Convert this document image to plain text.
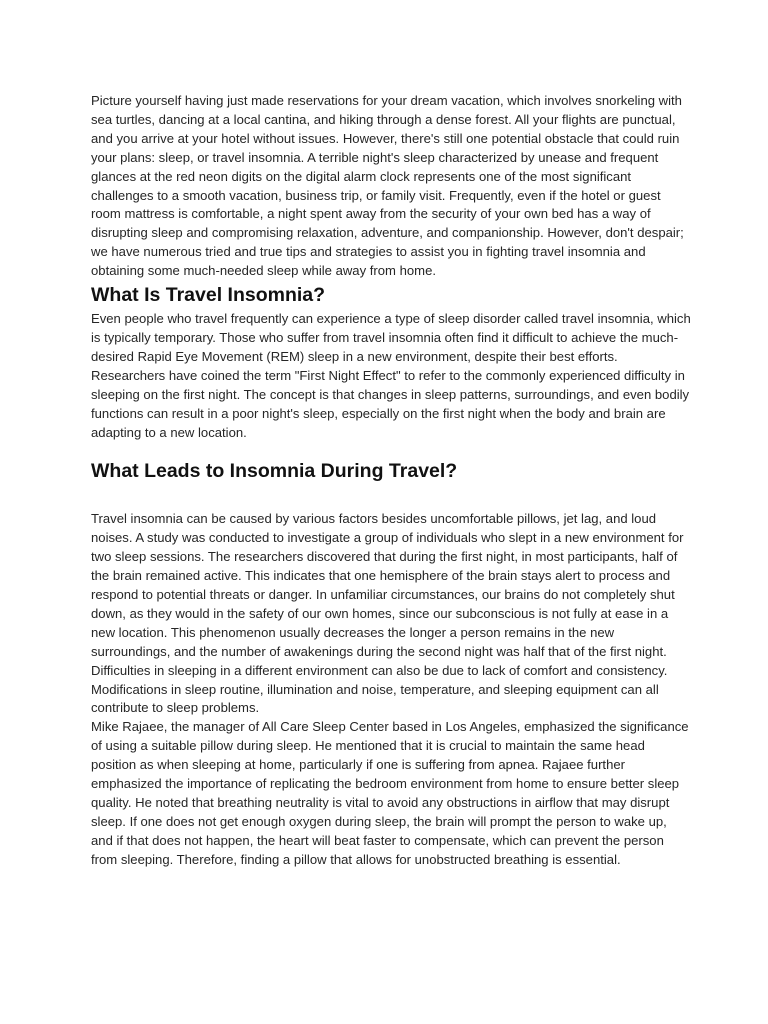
Picture yourself having just made reservations for your dream vacation, which involves snorkeling with sea turtles, dancing at a local cantina, and hiking through a dense forest. All your flights are punctual, and you arrive at your hotel without issues. However, there's still one potential obstacle that could ruin your plans: sleep, or travel insomnia. A terrible night's sleep characterized by unease and frequent glances at the red neon digits on the digital alarm clock represents one of the most significant challenges to a smooth vacation, business trip, or family visit. Frequently, even if the hotel or guest room mattress is comfortable, a night spent away from the security of your own bed has a way of disrupting sleep and compromising relaxation, adventure, and companionship. However, don't despair; we have numerous tried and true tips and strategies to assist you in fighting travel insomnia and obtaining some much-needed sleep while away from home.

What Is Travel Insomnia?

Even people who travel frequently can experience a type of sleep disorder called travel insomnia, which is typically temporary. Those who suffer from travel insomnia often find it difficult to achieve the much-desired Rapid Eye Movement (REM) sleep in a new environment, despite their best efforts. Researchers have coined the term "First Night Effect" to refer to the commonly experienced difficulty in sleeping on the first night. The concept is that changes in sleep patterns, surroundings, and even bodily functions can result in a poor night's sleep, especially on the first night when the body and brain are adapting to a new location.

What Leads to Insomnia During Travel?

Travel insomnia can be caused by various factors besides uncomfortable pillows, jet lag, and loud noises. A study was conducted to investigate a group of individuals who slept in a new environment for two sleep sessions. The researchers discovered that during the first night, in most participants, half of the brain remained active. This indicates that one hemisphere of the brain stays alert to process and respond to potential threats or danger. In unfamiliar circumstances, our brains do not completely shut down, as they would in the safety of our own homes, since our subconscious is not fully at ease in a new location. This phenomenon usually decreases the longer a person remains in the new surroundings, and the number of awakenings during the second night was half that of the first night.

Difficulties in sleeping in a different environment can also be due to lack of comfort and consistency. Modifications in sleep routine, illumination and noise, temperature, and sleeping equipment can all contribute to sleep problems.

Mike Rajaee, the manager of All Care Sleep Center based in Los Angeles, emphasized the significance of using a suitable pillow during sleep. He mentioned that it is crucial to maintain the same head position as when sleeping at home, particularly if one is suffering from apnea. Rajaee further emphasized the importance of replicating the bedroom environment from home to ensure better sleep quality. He noted that breathing neutrality is vital to avoid any obstructions in airflow that may disrupt sleep. If one does not get enough oxygen during sleep, the brain will prompt the person to wake up, and if that does not happen, the heart will beat faster to compensate, which can prevent the person from sleeping. Therefore, finding a pillow that allows for unobstructed breathing is essential.
